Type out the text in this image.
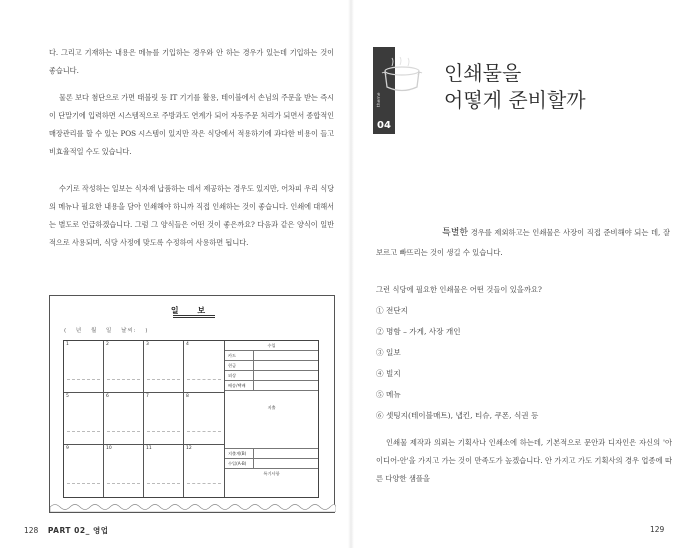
다. 그리고 기재하는 내용은 메뉴를 기입하는 경우와 안 하는 경우가 있는데 기입하는 것이 좋습니다.

물론 보다 첨단으로 가면 태블릿 등 IT 기기를 활용, 테이블에서 손님의 주문을 받는 즉시 이 단말기에 입력하면 시스템적으로 주방과도 연계가 되어 자동주문 처리가 되면서 종합적인 매장관리를 할 수 있는 POS 시스템이 있지만 작은 식당에서 적용하기에 과다한 비용이 들고 비효율적일 수도 있습니다.

수기로 작성하는 일보는 식자재 납품하는 데서 제공하는 경우도 있지만, 어차피 우리 식당의 메뉴나 필요한 내용을 담아 인쇄해야 하니까 직접 인쇄하는 것이 좋습니다. 인쇄에 대해서는 별도로 언급하겠습니다. 그럼 그 양식들은 어떤 것이 좋은까요? 다음과 같은 양식이 일반적으로 사용되며, 식당 사정에 맞도록 수정하여 사용하면 됩니다.

일 보
( 년 월 일 날씨: )
1	2	3	4
5	6	7	8
9	10	11	12
수입
카드
현금
외상
배송/택배
지출
지출계(B)
수입(A-B)
특기사항
128 PART 02_ 영업
theme
04
인쇄물을
어떻게 준비할까

특별한 경우를 제외하고는 인쇄물은 사장이 직접 준비해야 되는 데, 잘 보르고 빠뜨리는 것이 생길 수 있습니다.

그런 식당에 필요한 인쇄물은 어떤 것들이 있을까요?

① 전단지
② 명함 – 가게, 사장 개인
③ 일보
④ 빌지
⑤ 메뉴
⑥ 셋팅지(테이블매트), 냅킨, 티슈, 쿠폰, 식권 등

인쇄물 제작과 의뢰는 기획사나 인쇄소에 하는데, 기본적으로 문안과 디자인은 자신의 '아이디어-안'을 가지고 가는 것이 만족도가 높겠습니다. 안 가지고 가도 기획사의 경우 업종에 따른 다양한 샘플을

129
